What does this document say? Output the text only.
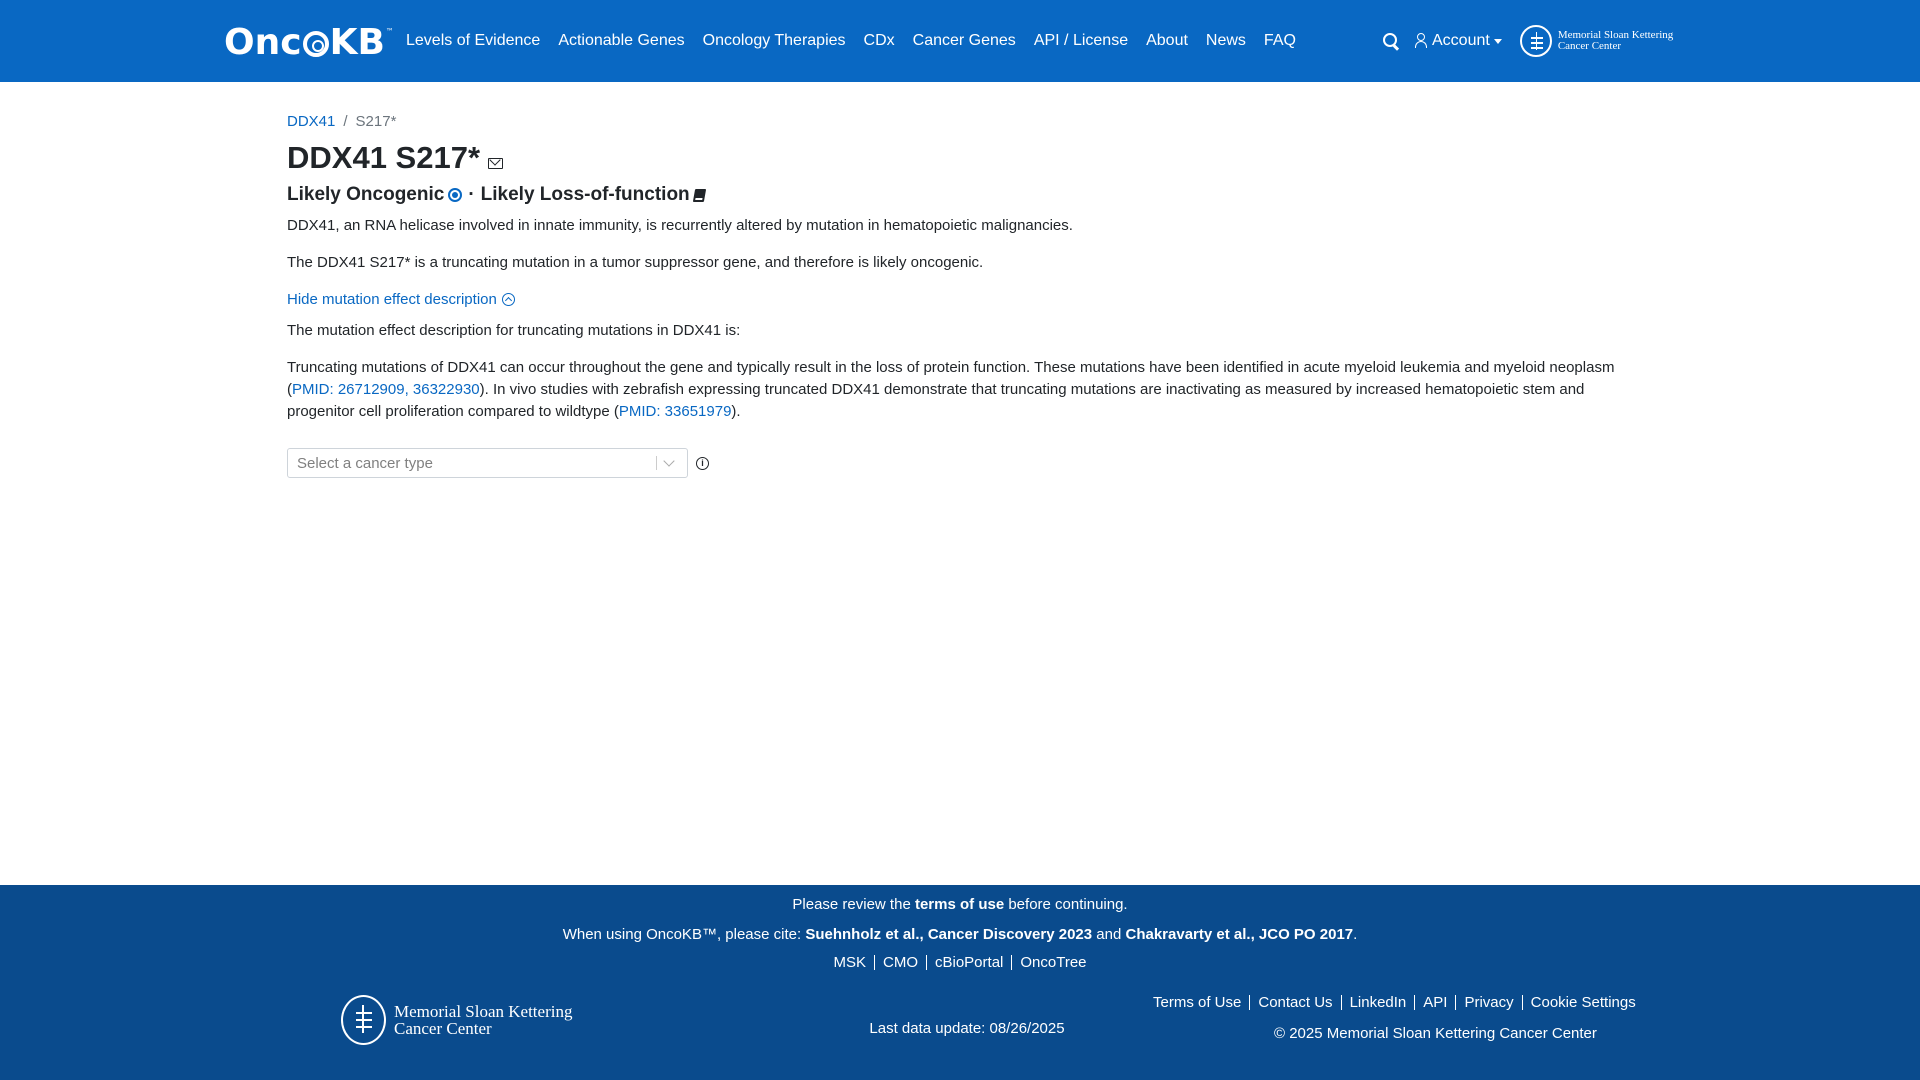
Onc KB™
Levels of Evidence Actionable Genes Oncology Therapies CDx Cancer Genes API / License About News FAQ	Account	Memorial Sloan Kettering
Cancer Center
DDX41 / S217*
DDX41 S217*
Likely Oncogenic · Likely Loss-of-function

DDX41, an RNA helicase involved in innate immunity, is recurrently altered by mutation in hematopoietic malignancies.

The DDX41 S217* is a truncating mutation in a tumor suppressor gene, and therefore is likely oncogenic.

Hide mutation effect description

The mutation effect description for truncating mutations in DDX41 is:

Truncating mutations of DDX41 can occur throughout the gene and typically result in the loss of protein function. These mutations have been identified in acute myeloid leukemia and myeloid neoplasm (PMID: 26712909, 36322930). In vivo studies with zebrafish expressing truncated DDX41 demonstrate that truncating mutations are inactivating as measured by increased hematopoietic stem and progenitor cell proliferation compared to wildtype (PMID: 33651979).

Select a cancer type	i
Please review the terms of use before continuing.
When using OncoKB™, please cite: Suehnholz et al., Cancer Discovery 2023 and Chakravarty et al., JCO PO 2017.
MSK	CMO	cBioPortal	OncoTree
Memorial Sloan Kettering
Cancer Center	Last data update: 08/26/2025
Terms of Use	Contact Us	LinkedIn	API	Privacy	Cookie Settings
© 2025 Memorial Sloan Kettering Cancer Center
